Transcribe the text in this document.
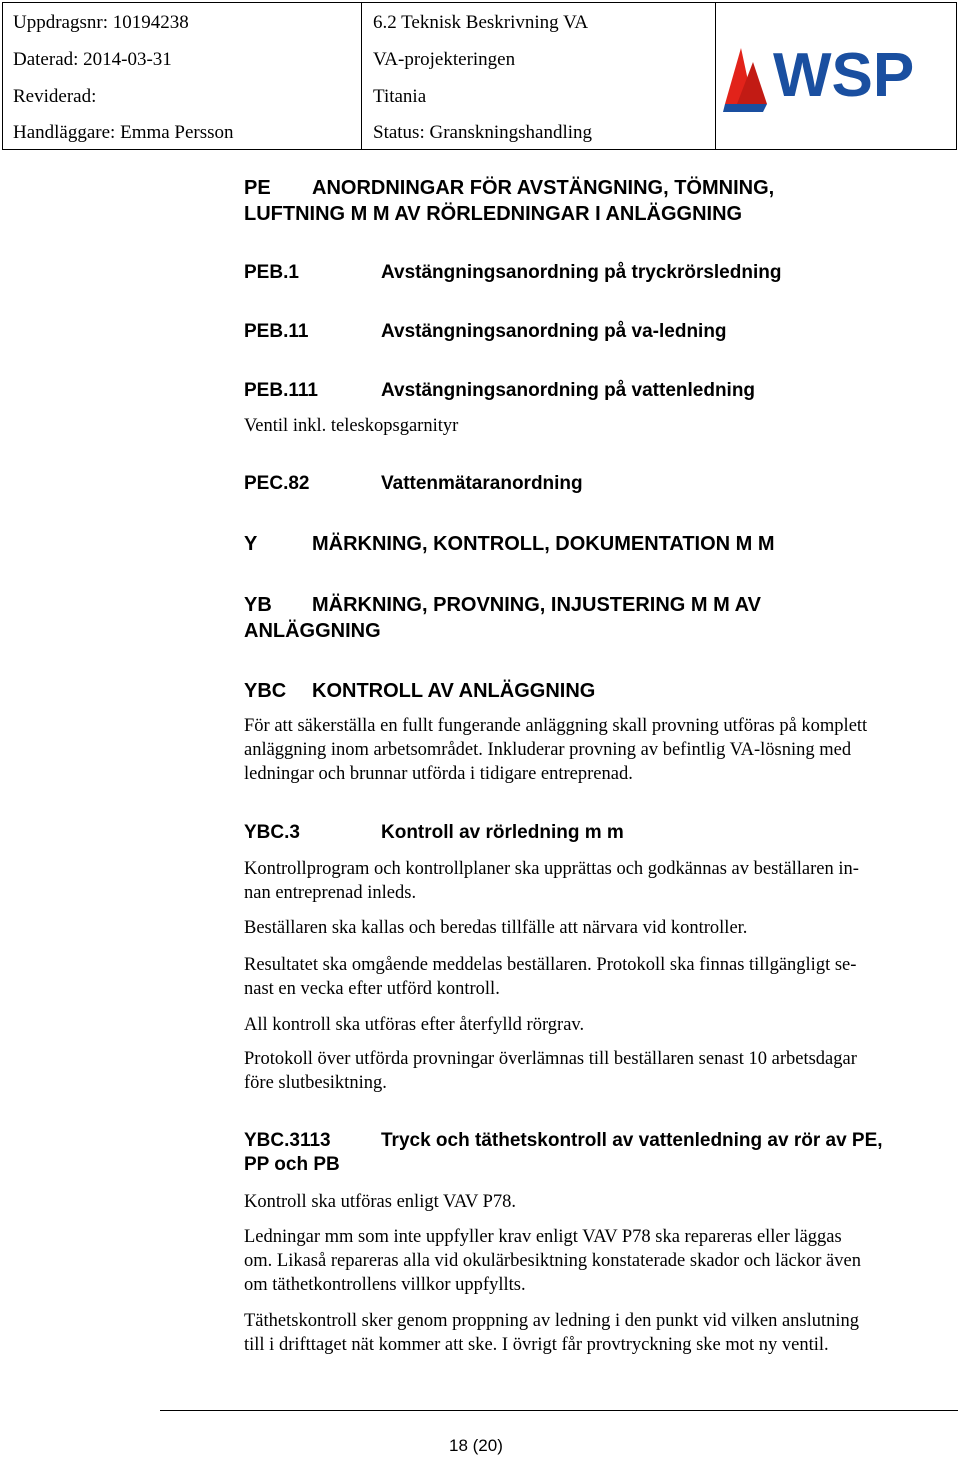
Uppdragsnr: 10194238
Daterad: 2014-03-31
Reviderad:
Handläggare: Emma Persson
6.2 Teknisk Beskrivning VA
VA-projekteringen
Titania
Status: Granskningshandling
WSP
PE ANORDNINGAR FÖR AVSTÄNGNING, TÖMNING,
LUFTNING M M AV RÖRLEDNINGAR I ANLÄGGNING
PEB.1	Avstängningsanordning på tryckrörsledning
PEB.11	Avstängningsanordning på va-ledning
PEB.111	Avstängningsanordning på vattenledning
Ventil inkl. teleskopsgarnityr
PEC.82	Vattenmätaranordning
Y	MÄRKNING, KONTROLL, DOKUMENTATION M M
YB MÄRKNING, PROVNING, INJUSTERING M M AV
ANLÄGGNING
YBC KONTROLL AV ANLÄGGNING
För att säkerställa en fullt fungerande anläggning skall provning utföras på komplett
anläggning inom arbetsområdet. Inkluderar provning av befintlig VA-lösning med
ledningar och brunnar utförda i tidigare entreprenad.
YBC.3	Kontroll av rörledning m m
Kontrollprogram och kontrollplaner ska upprättas och godkännas av beställaren in-
nan entreprenad inleds.
Beställaren ska kallas och beredas tillfälle att närvara vid kontroller.
Resultatet ska omgående meddelas beställaren. Protokoll ska finnas tillgängligt se-
nast en vecka efter utförd kontroll.
All kontroll ska utföras efter återfylld rörgrav.
Protokoll över utförda provningar överlämnas till beställaren senast 10 arbetsdagar
före slutbesiktning.
YBC.3113	Tryck och täthetskontroll av vattenledning av rör av PE,
PP och PB
Kontroll ska utföras enligt VAV P78.
Ledningar mm som inte uppfyller krav enligt VAV P78 ska repareras eller läggas
om. Likaså repareras alla vid okulärbesiktning konstaterade skador och läckor även
om täthetkontrollens villkor uppfyllts.
Täthetskontroll sker genom proppning av ledning i den punkt vid vilken anslutning
till i drifttaget nät kommer att ske. I övrigt får provtryckning ske mot ny ventil.
18 (20)
